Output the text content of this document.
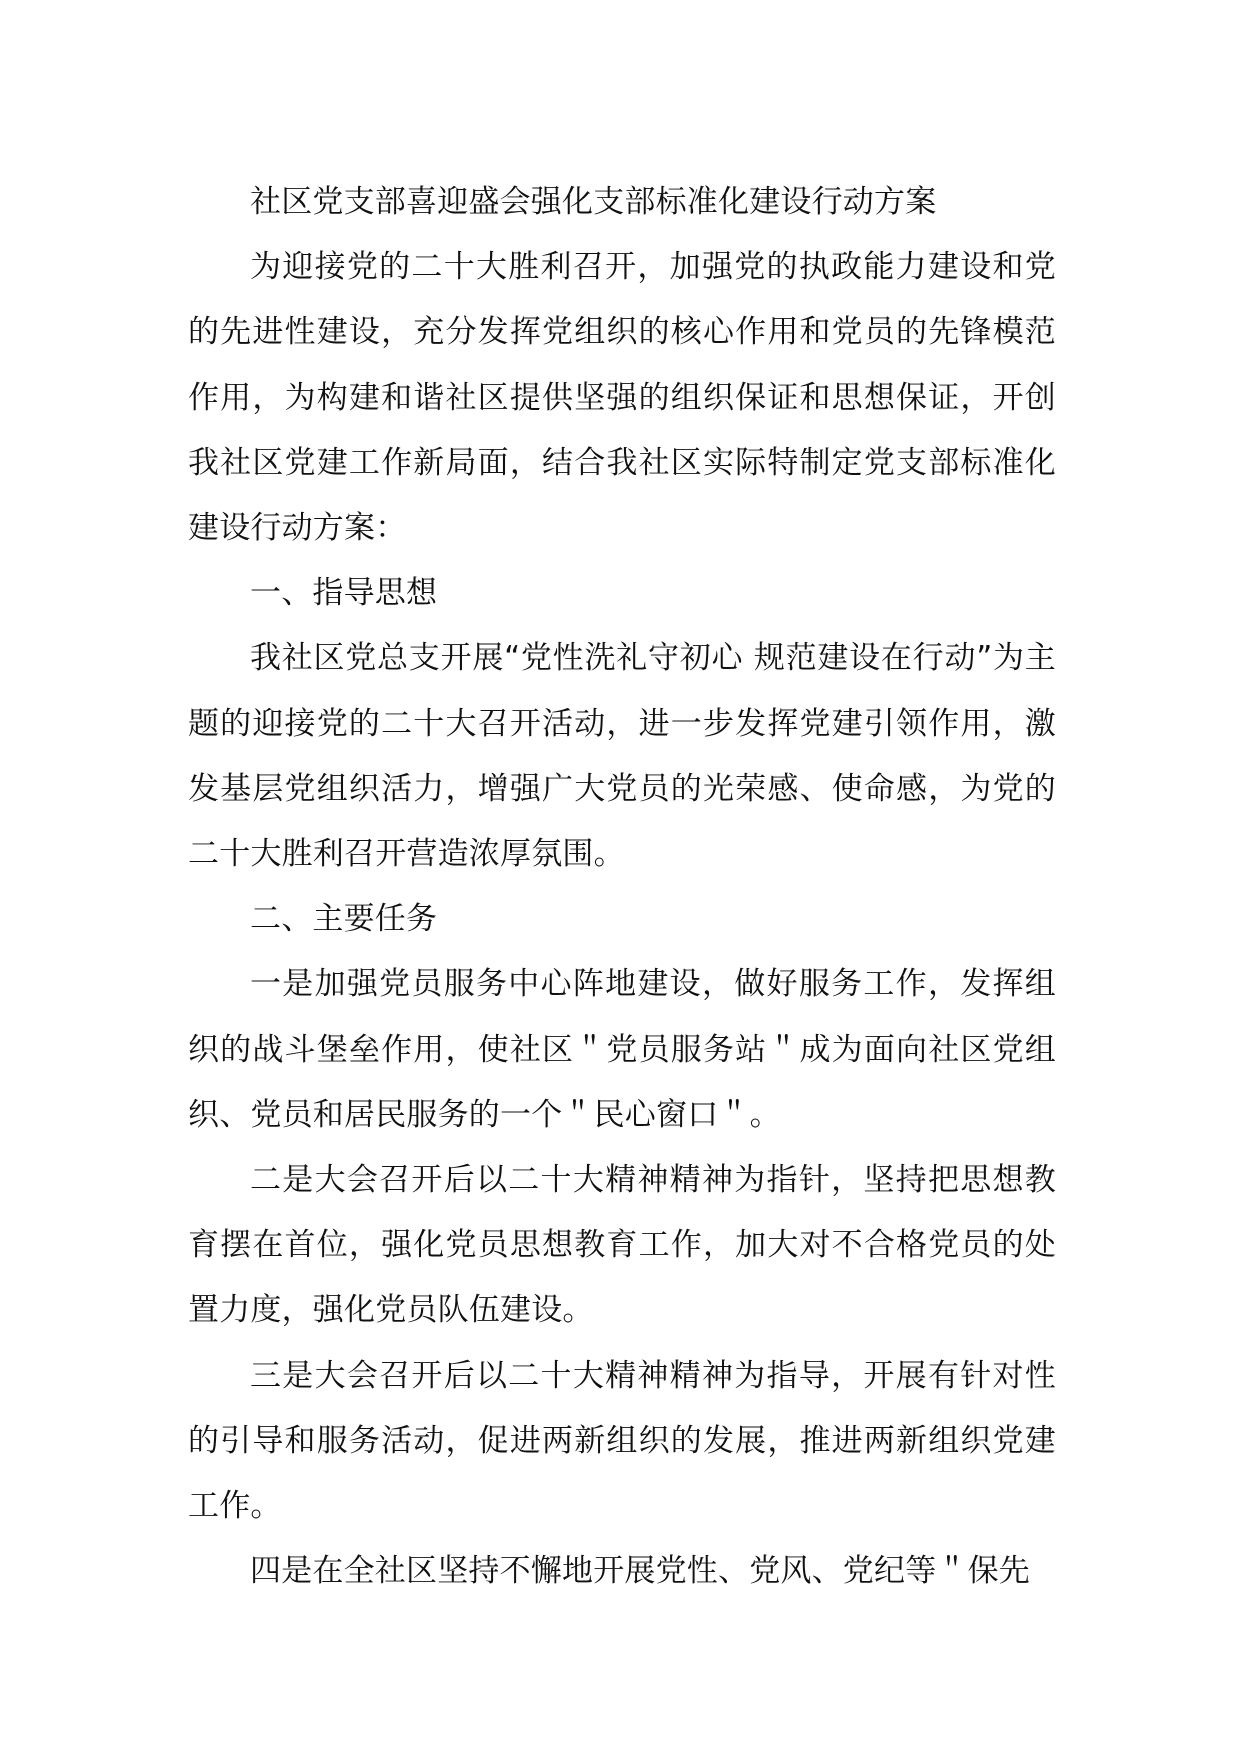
社区党支部喜迎盛会强化支部标准化建设行动方案

为迎接党的二十大胜利召开，加强党的执政能力建设和党的先进性建设，充分发挥党组织的核心作用和党员的先锋模范作用，为构建和谐社区提供坚强的组织保证和思想保证，开创我社区党建工作新局面，结合我社区实际特制定党支部标准化建设行动方案：

一、指导思想

我社区党总支开展“党性洗礼守初心 规范建设在行动”为主题的迎接党的二十大召开活动，进一步发挥党建引领作用，激发基层党组织活力，增强广大党员的光荣感、使命感，为党的二十大胜利召开营造浓厚氛围。

二、主要任务

一是加强党员服务中心阵地建设，做好服务工作，发挥组织的战斗堡垒作用，使社区＂党员服务站＂成为面向社区党组织、党员和居民服务的一个＂民心窗口＂。

二是大会召开后以二十大精神精神为指针，坚持把思想教育摆在首位，强化党员思想教育工作，加大对不合格党员的处置力度，强化党员队伍建设。

三是大会召开后以二十大精神精神为指导，开展有针对性的引导和服务活动，促进两新组织的发展，推进两新组织党建工作。

四是在全社区坚持不懈地开展党性、党风、党纪等＂保先
